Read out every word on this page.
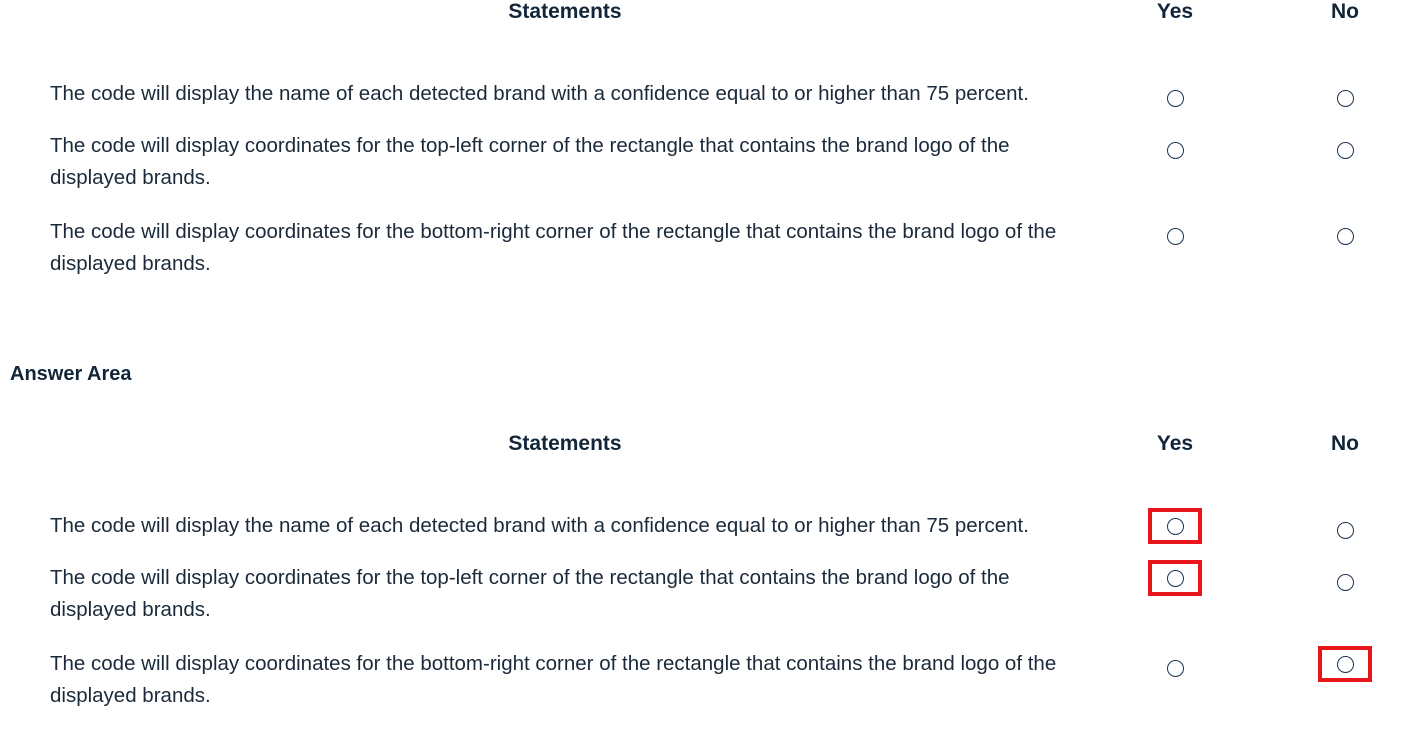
Statements	Yes	No
The code will display the name of each detected brand with a confidence equal to or higher than 75 percent.
The code will display coordinates for the top-left corner of the rectangle that contains the brand logo of the displayed brands.
The code will display coordinates for the bottom-right corner of the rectangle that contains the brand logo of the displayed brands.
Answer Area
Statements	Yes	No
The code will display the name of each detected brand with a confidence equal to or higher than 75 percent.
The code will display coordinates for the top-left corner of the rectangle that contains the brand logo of the displayed brands.
The code will display coordinates for the bottom-right corner of the rectangle that contains the brand logo of the displayed brands.
